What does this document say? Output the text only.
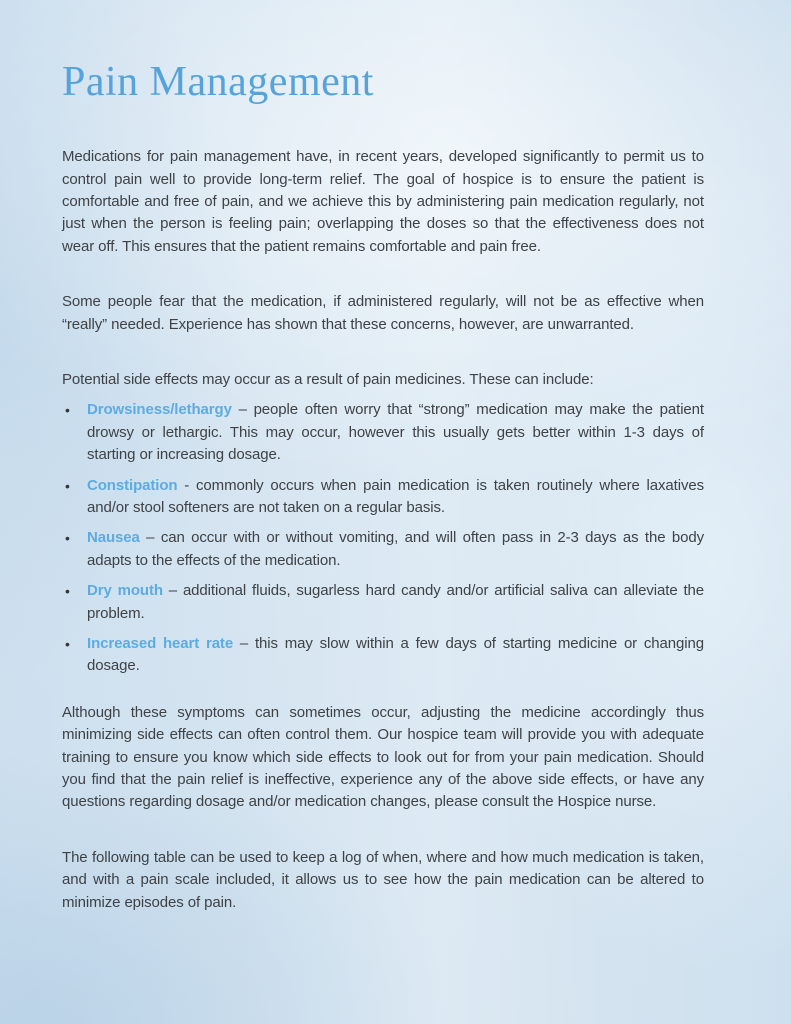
Pain Management

Medications for pain management have, in recent years, developed significantly to permit us to control pain well to provide long-term relief. The goal of hospice is to ensure the patient is comfortable and free of pain, and we achieve this by administering pain medication regularly, not just when the person is feeling pain; overlapping the doses so that the effectiveness does not wear off. This ensures that the patient remains comfortable and pain free.

Some people fear that the medication, if administered regularly, will not be as effective when “really” needed. Experience has shown that these concerns, however, are unwarranted.

Potential side effects may occur as a result of pain medicines. These can include:

• Drowsiness/lethargy – people often worry that “strong” medication may make the patient drowsy or lethargic. This may occur, however this usually gets better within 1-3 days of starting or increasing dosage.
• Constipation - commonly occurs when pain medication is taken routinely where laxatives and/or stool softeners are not taken on a regular basis.
• Nausea – can occur with or without vomiting, and will often pass in 2-3 days as the body adapts to the effects of the medication.
• Dry mouth – additional fluids, sugarless hard candy and/or artificial saliva can alleviate the problem.
• Increased heart rate – this may slow within a few days of starting medicine or changing dosage.

Although these symptoms can sometimes occur, adjusting the medicine accordingly thus minimizing side effects can often control them. Our hospice team will provide you with adequate training to ensure you know which side effects to look out for from your pain medication. Should you find that the pain relief is ineffective, experience any of the above side effects, or have any questions regarding dosage and/or medication changes, please consult the Hospice nurse.

The following table can be used to keep a log of when, where and how much medication is taken, and with a pain scale included, it allows us to see how the pain medication can be altered to minimize episodes of pain.
